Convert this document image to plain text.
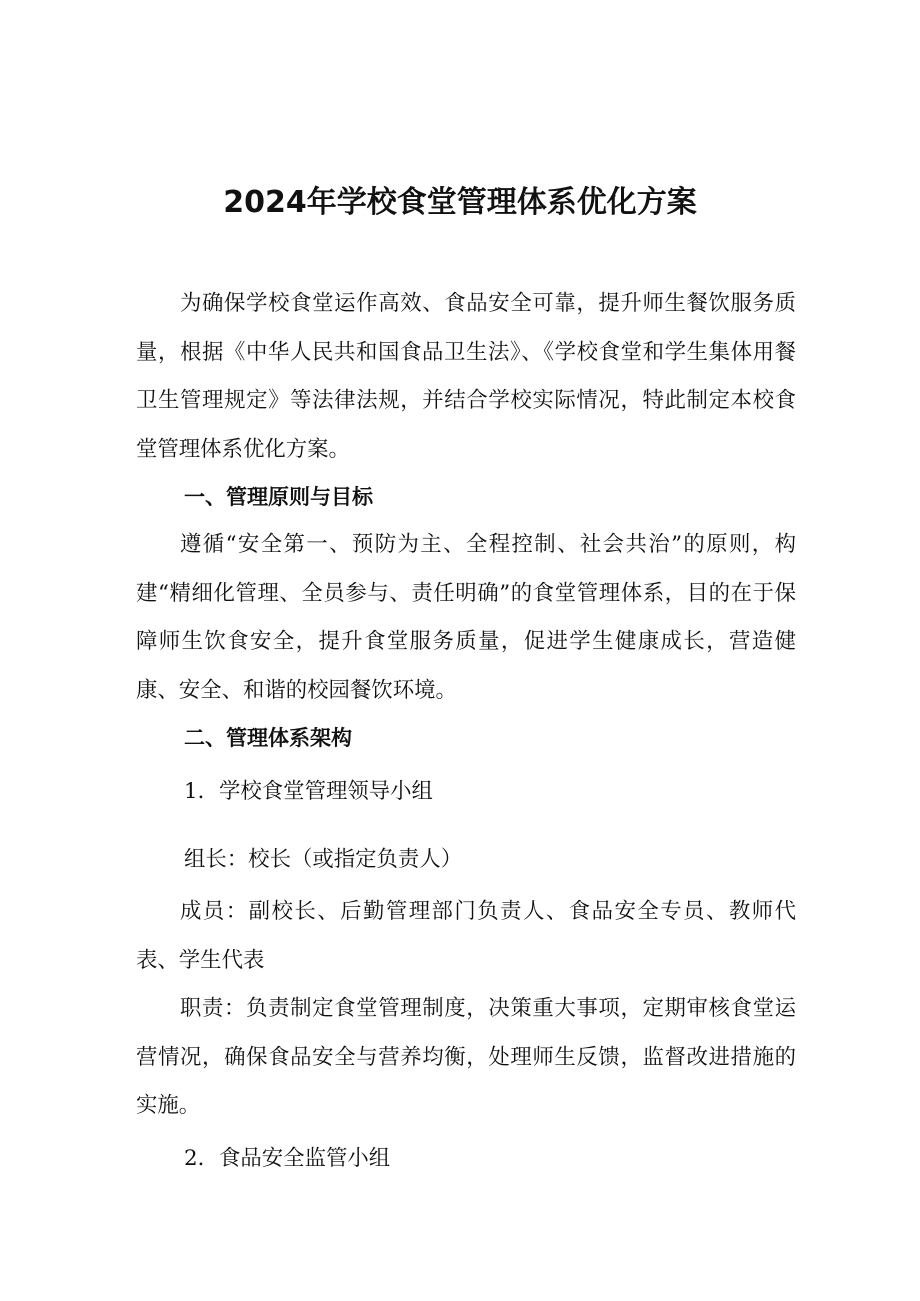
2024年学校食堂管理体系优化方案

为确保学校食堂运作高效、食品安全可靠，提升师生餐饮服务质量，根据《中华人民共和国食品卫生法》、《学校食堂和学生集体用餐卫生管理规定》等法律法规，并结合学校实际情况，特此制定本校食堂管理体系优化方案。

一、管理原则与目标

遵循“安全第一、预防为主、全程控制、社会共治”的原则，构建“精细化管理、全员参与、责任明确”的食堂管理体系，目的在于保障师生饮食安全，提升食堂服务质量，促进学生健康成长，营造健康、安全、和谐的校园餐饮环境。

二、管理体系架构

1．学校食堂管理领导小组

组长：校长（或指定负责人）

成员：副校长、后勤管理部门负责人、食品安全专员、教师代表、学生代表

职责：负责制定食堂管理制度，决策重大事项，定期审核食堂运营情况，确保食品安全与营养均衡，处理师生反馈，监督改进措施的实施。

2．食品安全监管小组
